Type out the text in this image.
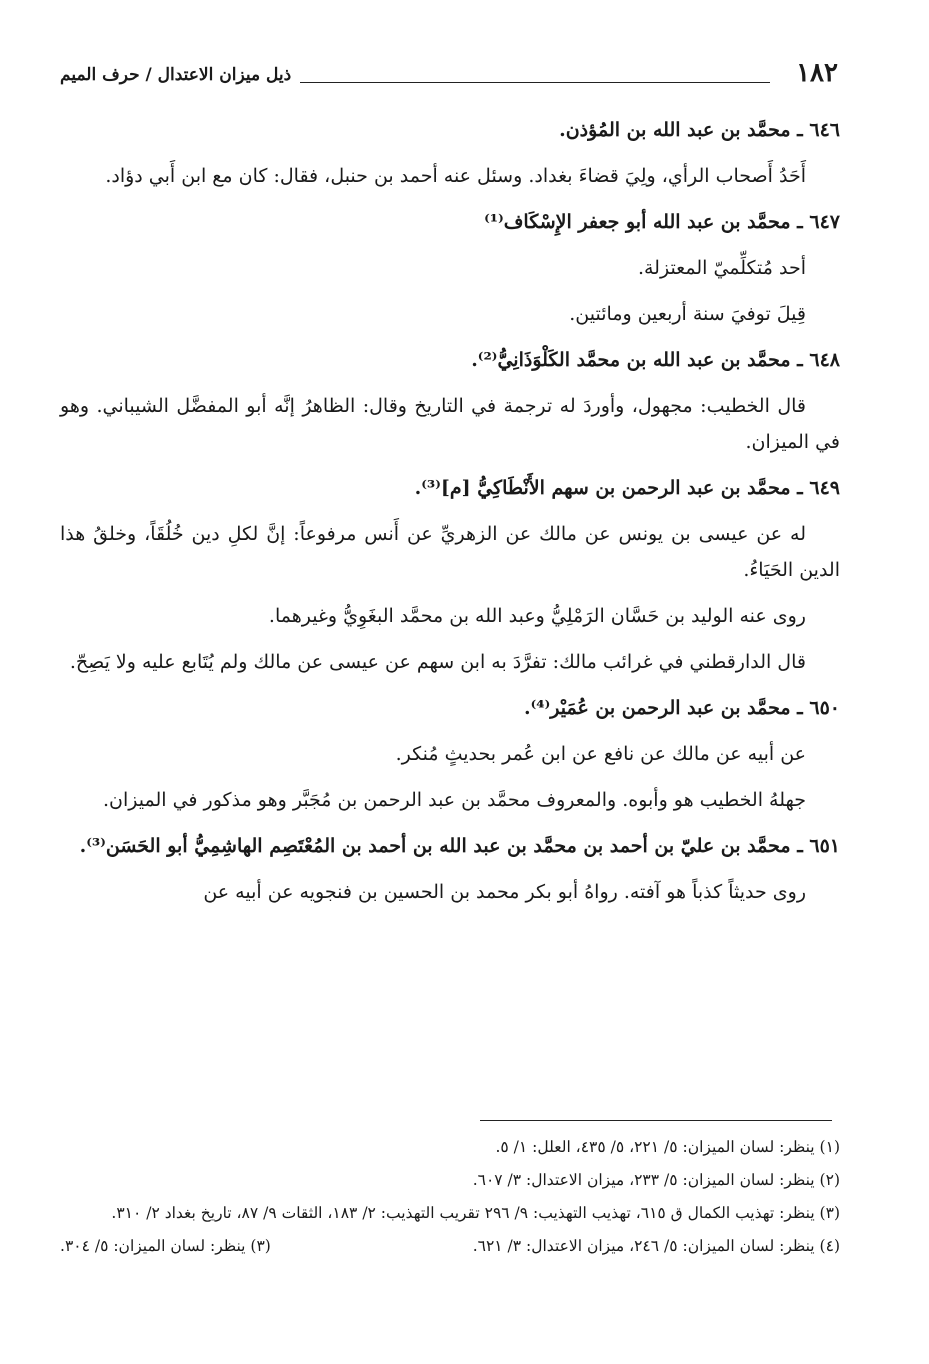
١٨٢
ذيل ميزان الاعتدال / حرف الميم

٦٤٦ ـ محمَّد بن عبد الله بن المُؤذن.

أَحَدُ أَصحاب الرأي، ولِيَ قضاءَ بغداد. وسئل عنه أحمد بن حنبل، فقال: كان مع ابن أَبي دؤاد.

٦٤٧ ـ محمَّد بن عبد الله أبو جعفر الإِسْكَاف⁽¹⁾

أحد مُتكلِّميّ المعتزلة.

قِيلَ توفيَ سنة أربعين ومائتين.

٦٤٨ ـ محمَّد بن عبد الله بن محمَّد الكَلْوَذَانِيُّ⁽²⁾.

قال الخطيب: مجهول، وأوردَ له ترجمة في التاريخ وقال: الظاهرُ إنَّه أبو المفضَّل الشيباني. وهو في الميزان.

٦٤٩ ـ محمَّد بن عبد الرحمن بن سهم الأَنْطَاكِيُّ [م]⁽³⁾.

له عن عيسى بن يونس عن مالك عن الزهريِّ عن أَنس مرفوعاً: إنَّ لكلِ دين خُلُقَاً، وخلقُ هذا الدين الحَيَاءُ.

روى عنه الوليد بن حَسَّان الرَمْلِيُّ وعبد الله بن محمَّد البغَوِيُّ وغيرهما.

قال الدارقطني في غرائب مالك: تفرَّدَ به ابن سهم عن عيسى عن مالك ولم يُتَابع عليه ولا يَصِحّ.

٦٥٠ ـ محمَّد بن عبد الرحمن بن عُمَيْر⁽⁴⁾.

عن أبيه عن مالك عن نافع عن ابن عُمر بحديثٍ مُنكر.

جهلهُ الخطيب هو وأبوه. والمعروف محمَّد بن عبد الرحمن بن مُجَبَّر وهو مذكور في الميزان.

٦٥١ ـ محمَّد بن عليّ بن أحمد بن محمَّد بن عبد الله بن أحمد بن المُعْتَصِم الهاشِمِيُّ أبو الحَسَن⁽³⁾.

روى حديثاً كذباً هو آفته. رواهُ أبو بكر محمد بن الحسين بن فنجويه عن أبيه عن

(١) ينظر: لسان الميزان: ٥/ ٢٢١، ٥/ ٤٣٥، العلل: ١/ ٥.

(٢) ينظر: لسان الميزان: ٥/ ٢٣٣، ميزان الاعتدال: ٣/ ٦٠٧.

(٣) ينظر: تهذيب الكمال ق ٦١٥، تهذيب التهذيب: ٩/ ٢٩٦ تقريب التهذيب: ٢/ ١٨٣، الثقات ٩/ ٨٧، تاريخ بغداد ٢/ ٣١٠.

(٤) ينظر: لسان الميزان: ٥/ ٢٤٦، ميزان الاعتدال: ٣/ ٦٢١.
(٣) ينظر: لسان الميزان: ٥/ ٣٠٤.
